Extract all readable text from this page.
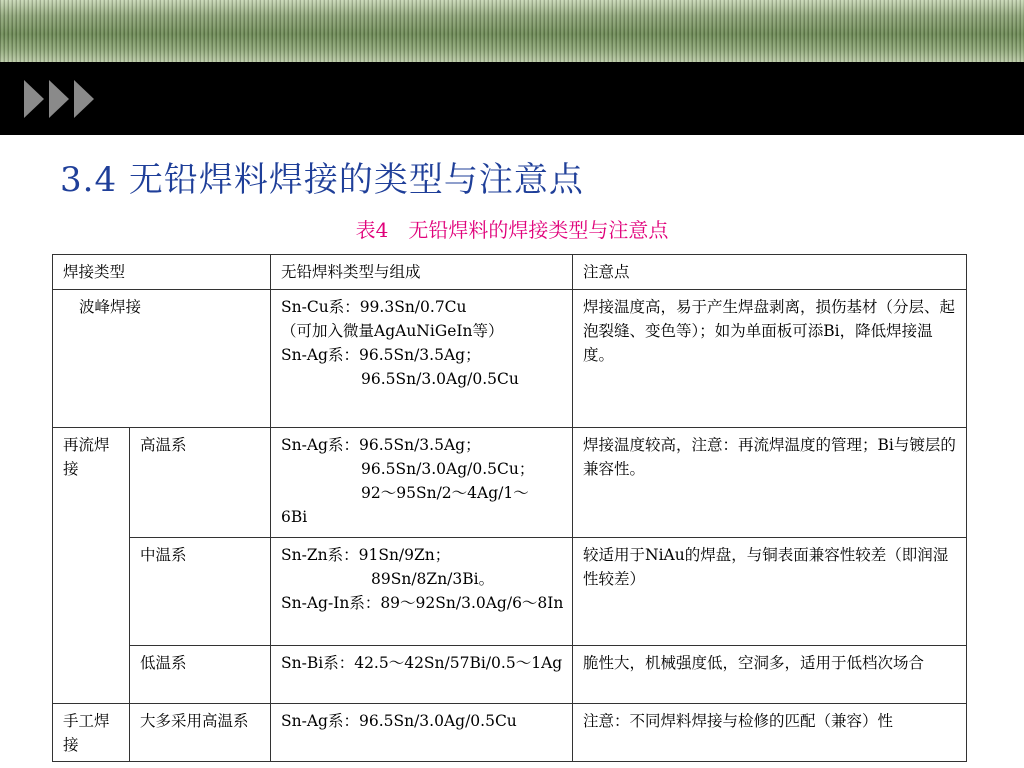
3.4 无铅焊料焊接的类型与注意点
表4　无铅焊料的焊接类型与注意点
焊接类型		无铅焊料类型与组成	注意点
波峰焊接		Sn-Cu系：99.3Sn/0.7Cu
（可加入微量AgAuNiGeIn等）
Sn-Ag系：96.5Sn/3.5Ag；
96.5Sn/3.0Ag/0.5Cu	焊接温度高，易于产生焊盘剥离，损伤基材（分层、起泡裂缝、变色等）；如为单面板可添Bi，降低焊接温度。
再流焊接	高温系	Sn-Ag系：96.5Sn/3.5Ag；
96.5Sn/3.0Ag/0.5Cu；
92～95Sn/2～4Ag/1～
6Bi	焊接温度较高，注意：再流焊温度的管理；Bi与镀层的兼容性。
	中温系	Sn-Zn系：91Sn/9Zn；
89Sn/8Zn/3Bi。
Sn-Ag-In系：89～92Sn/3.0Ag/6～8In	较适用于NiAu的焊盘，与铜表面兼容性较差（即润湿性较差）
	低温系	Sn-Bi系：42.5～42Sn/57Bi/0.5～1Ag	脆性大，机械强度低，空洞多，适用于低档次场合
手工焊接	大多采用高温系	Sn-Ag系：96.5Sn/3.0Ag/0.5Cu	注意：不同焊料焊接与检修的匹配（兼容）性
